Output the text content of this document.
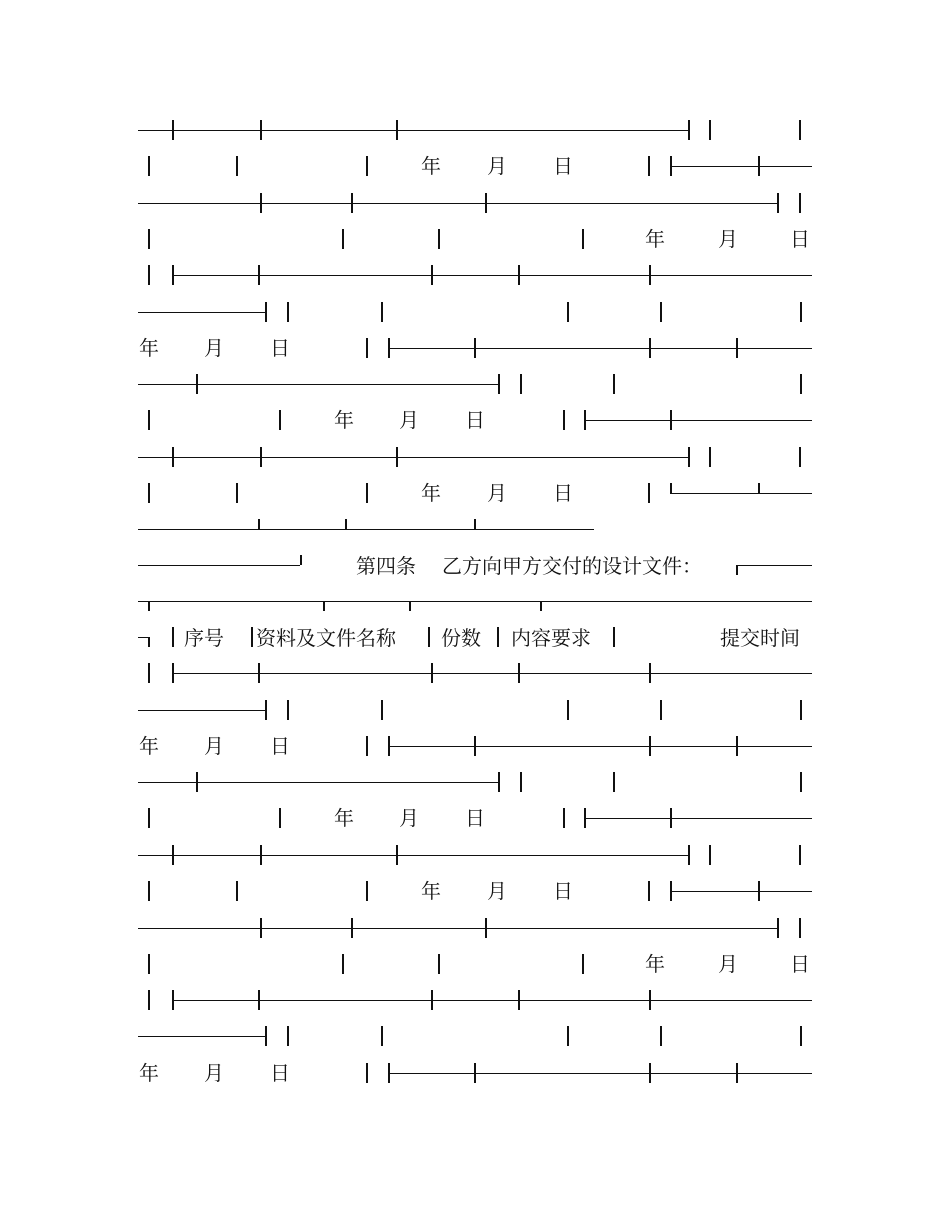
年 月 日
年	月	日
年 月 日
年 月 日
年 月 日
第四条 乙方向甲方交付的设计文件：
序号 资料及文件名称 份数 内容要求	提交时间
年 月 日
年 月 日
年 月 日
年	月	日
年 月 日
